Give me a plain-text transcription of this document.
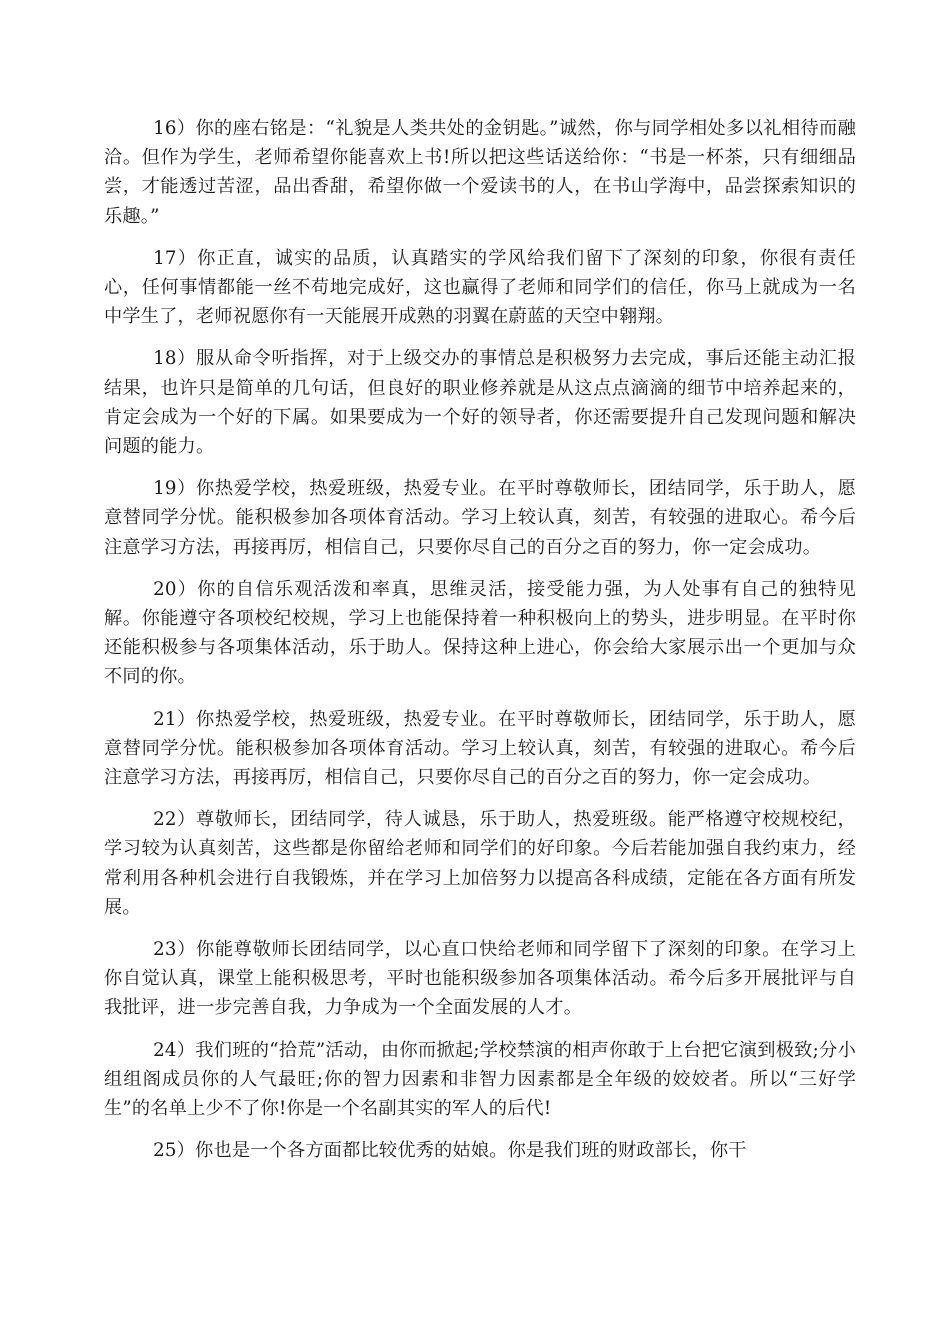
16）你的座右铭是：“礼貌是人类共处的金钥匙。”诚然，你与同学相处多以礼相待而融洽。但作为学生，老师希望你能喜欢上书!所以把这些话送给你：“书是一杯茶，只有细细品尝，才能透过苦涩，品出香甜，希望你做一个爱读书的人，在书山学海中，品尝探索知识的乐趣。”

17）你正直，诚实的品质，认真踏实的学风给我们留下了深刻的印象，你很有责任心，任何事情都能一丝不苟地完成好，这也赢得了老师和同学们的信任，你马上就成为一名中学生了，老师祝愿你有一天能展开成熟的羽翼在蔚蓝的天空中翱翔。

18）服从命令听指挥，对于上级交办的事情总是积极努力去完成，事后还能主动汇报结果，也许只是简单的几句话，但良好的职业修养就是从这点点滴滴的细节中培养起来的，肯定会成为一个好的下属。如果要成为一个好的领导者，你还需要提升自己发现问题和解决问题的能力。

19）你热爱学校，热爱班级，热爱专业。在平时尊敬师长，团结同学，乐于助人，愿意替同学分忧。能积极参加各项体育活动。学习上较认真，刻苦，有较强的进取心。希今后注意学习方法，再接再厉，相信自己，只要你尽自己的百分之百的努力，你一定会成功。

20）你的自信乐观活泼和率真，思维灵活，接受能力强，为人处事有自己的独特见解。你能遵守各项校纪校规，学习上也能保持着一种积极向上的势头，进步明显。在平时你还能积极参与各项集体活动，乐于助人。保持这种上进心，你会给大家展示出一个更加与众不同的你。

21）你热爱学校，热爱班级，热爱专业。在平时尊敬师长，团结同学，乐于助人，愿意替同学分忧。能积极参加各项体育活动。学习上较认真，刻苦，有较强的进取心。希今后注意学习方法，再接再厉，相信自己，只要你尽自己的百分之百的努力，你一定会成功。

22）尊敬师长，团结同学，待人诚恳，乐于助人，热爱班级。能严格遵守校规校纪，学习较为认真刻苦，这些都是你留给老师和同学们的好印象。今后若能加强自我约束力，经常利用各种机会进行自我锻炼，并在学习上加倍努力以提高各科成绩，定能在各方面有所发展。

23）你能尊敬师长团结同学，以心直口快给老师和同学留下了深刻的印象。在学习上你自觉认真，课堂上能积极思考，平时也能积级参加各项集体活动。希今后多开展批评与自我批评，进一步完善自我，力争成为一个全面发展的人才。

24）我们班的“拾荒”活动，由你而掀起;学校禁演的相声你敢于上台把它演到极致;分小组组阁成员你的人气最旺;你的智力因素和非智力因素都是全年级的姣姣者。所以“三好学生”的名单上少不了你!你是一个名副其实的军人的后代!

25）你也是一个各方面都比较优秀的姑娘。你是我们班的财政部长，你干
